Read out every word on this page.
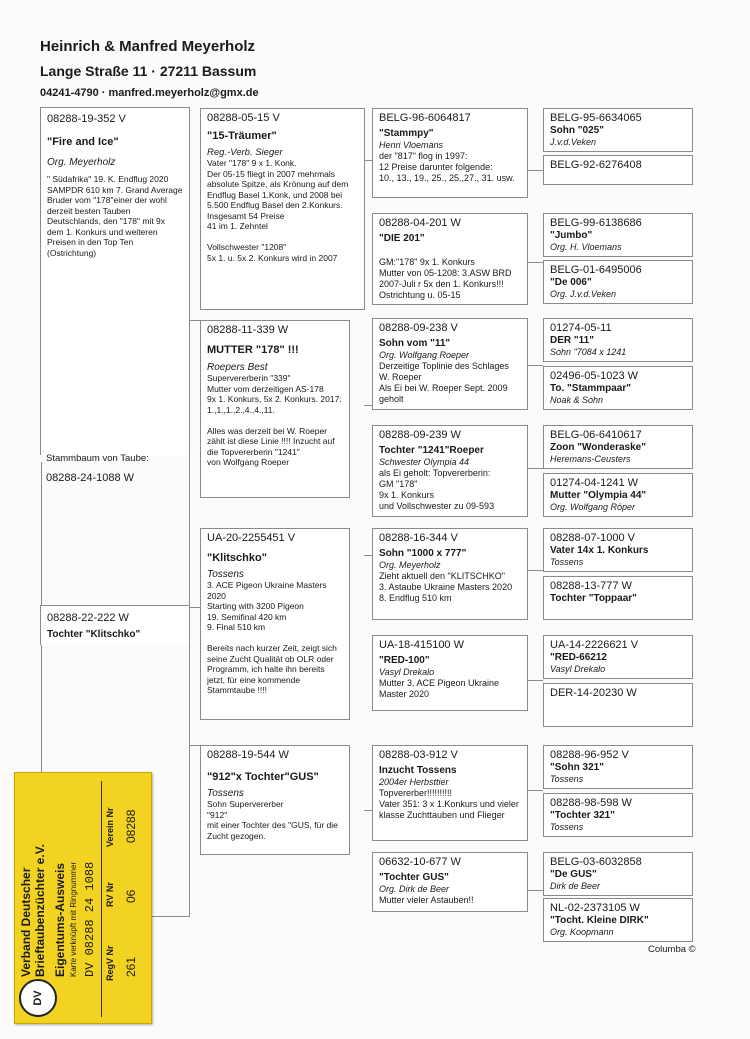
Heinrich & Manfred Meyerholz
Lange Straße 11 · 27211 Bassum
04241-4790 · manfred.meyerholz@gmx.de
08288-19-352 V
"Fire and Ice"
Org. Meyerholz
" Südafrika" 19. K. Endflug 2020 SAMPDR 610 km 7. Grand Average Bruder vom "178"einer der wohl derzeit besten Tauben Deutschlands, den "178" mit 9x dem 1. Konkurs und weiteren Preisen in den Top Ten (Ostrichtung)
Stammbaum von Taube:
08288-24-1088 W
08288-22-222 W
Tochter "Klitschko"
08288-05-15 V
"15-Träumer"
Reg.-Verb. Sieger
Vater "178" 9 x 1. Konk.
Der 05-15 fliegt in 2007 mehrmals absolute Spitze, als Krönung auf dem Endflug Basel 1.Konk, und 2008 bei 5.500 Endflug Basel den 2.Konkurs. Insgesamt 54 Preise
41 im 1. Zehntel

Vollschwester "1208"
5x 1. u. 5x 2. Konkurs wird in 2007
08288-11-339 W
MUTTER "178" !!!
Roepers Best
Supervererberin "339"
Mutter vom derzeitigen AS-178
9x 1. Konkurs, 5x 2. Konkurs. 2017: 1.,1.,1.,2.,4.,4.,11.

Alles was derzeit bei W. Roeper zählt ist diese Linie !!!! Inzucht auf die Topvererberin "1241"
von Wolfgang Roeper
UA-20-2255451 V
"Klitschko"
Tossens
3. ACE Pigeon Ukraine Masters 2020
Starting with 3200 Pigeon
19. Semifinal 420 km
9. Final 510 km

Bereits nach kurzer Zeit, zeigt sich seine Zucht Qualität ob OLR oder Programm, ich halte ihn bereits jetzt, für eine kommende Stammtaube !!!!
08288-19-544 W
"912"x Tochter"GUS"
Tossens
Sohn Supervererber
"912"
mit einer Tochter des "GUS, für die Zucht gezogen.
BELG-96-6064817
"Stammpy"
Henri Vloemans
der "817" flog in 1997:
12 Preise darunter folgende:
10., 13., 19., 25., 25.,27., 31. usw.
08288-04-201 W
"DIE 201"
GM:"178" 9x 1. Konkurs
Mutter von 05-1208: 3.ASW BRD 2007-Juli r 5x den 1. Konkurs!!! Ostrichtung u. 05-15
08288-09-238 V
Sohn vom "11"
Org. Wolfgang Roeper
Derzeitige Toplinie des Schlages W. Roeper
Als Ei bei W. Roeper Sept. 2009 geholt
08288-09-239 W
Tochter "1241"Roeper
Schwester Olympia 44
als Ei geholt: Topvererberin:
GM "178"
9x 1. Konkurs
und Vollschwester zu 09-593
08288-16-344 V
Sohn "1000 x 777"
Org. Meyerholz
Zieht aktuell den "KLITSCHKO"
3. Astaube Ukraine Masters 2020
8. Endflug 510 km
UA-18-415100 W
"RED-100"
Vasyl Drekalo
Mutter 3. ACE Pigeon Ukraine Master 2020
08288-03-912 V
Inzucht Tossens
2004er Herbsttier
Topvererber!!!!!!!!!!
Vater 351: 3 x 1.Konkurs und vieler klasse Zuchttauben und Flieger
06632-10-677 W
"Tochter GUS"
Org. Dirk de Beer
Mutter vieler Astauben!!
BELG-95-6634065
Sohn "025"
J.v.d.Veken
BELG-92-6276408
BELG-99-6138686
"Jumbo"
Org. H. Vloemans
BELG-01-6495006
"De 006"
Org. J.v.d.Veken
01274-05-11
DER "11"
Sohn "7084 x 1241
02496-05-1023 W
To. "Stammpaar"
Noak & Sohn
BELG-06-6410617
Zoon "Wonderaske"
Heremans-Ceusters
01274-04-1241 W
Mutter "Olympia 44"
Org. Wolfgang Röper
08288-07-1000 V
Vater 14x 1. Konkurs
Tossens
08288-13-777 W
Tochter "Toppaar"
UA-14-2226621 V
"RED-66212
Vasyl Drekalo
DER-14-20230 W
08288-96-952 V
"Sohn 321"
Tossens
08288-98-598 W
"Tochter 321"
Tossens
BELG-03-6032858
"De GUS"
Dirk de Beer
NL-02-2373105 W
"Tocht. Kleine DIRK"
Org. Koopmann
Columba ©
DV
Verband Deutscher Brieftaubenzüchter e.V. Eigentums-Ausweis Karte verknüpft mit Ringnummer DV 08288 24 1088 RegV Nr
RV Nr
Verein Nr
261
06
08288
